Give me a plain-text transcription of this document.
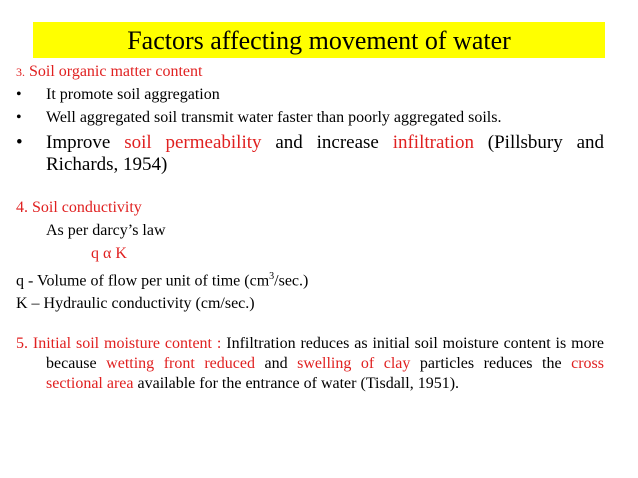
Factors affecting movement of water
3. Soil organic matter content
• It promote soil aggregation
• Well aggregated soil transmit water faster than poorly aggregated soils.
• Improve soil permeability and increase infiltration (Pillsbury and Richards, 1954)
4. Soil conductivity
As per darcy’s law
q α K
q - Volume of flow per unit of time $(cm^3/\sec.)$
K – Hydraulic conductivity (cm/sec.)
5. Initial soil moisture content : Infiltration reduces as initial soil moisture content is more because wetting front reduced and swelling of clay particles reduces the cross sectional area available for the entrance of water (Tisdall, 1951).
